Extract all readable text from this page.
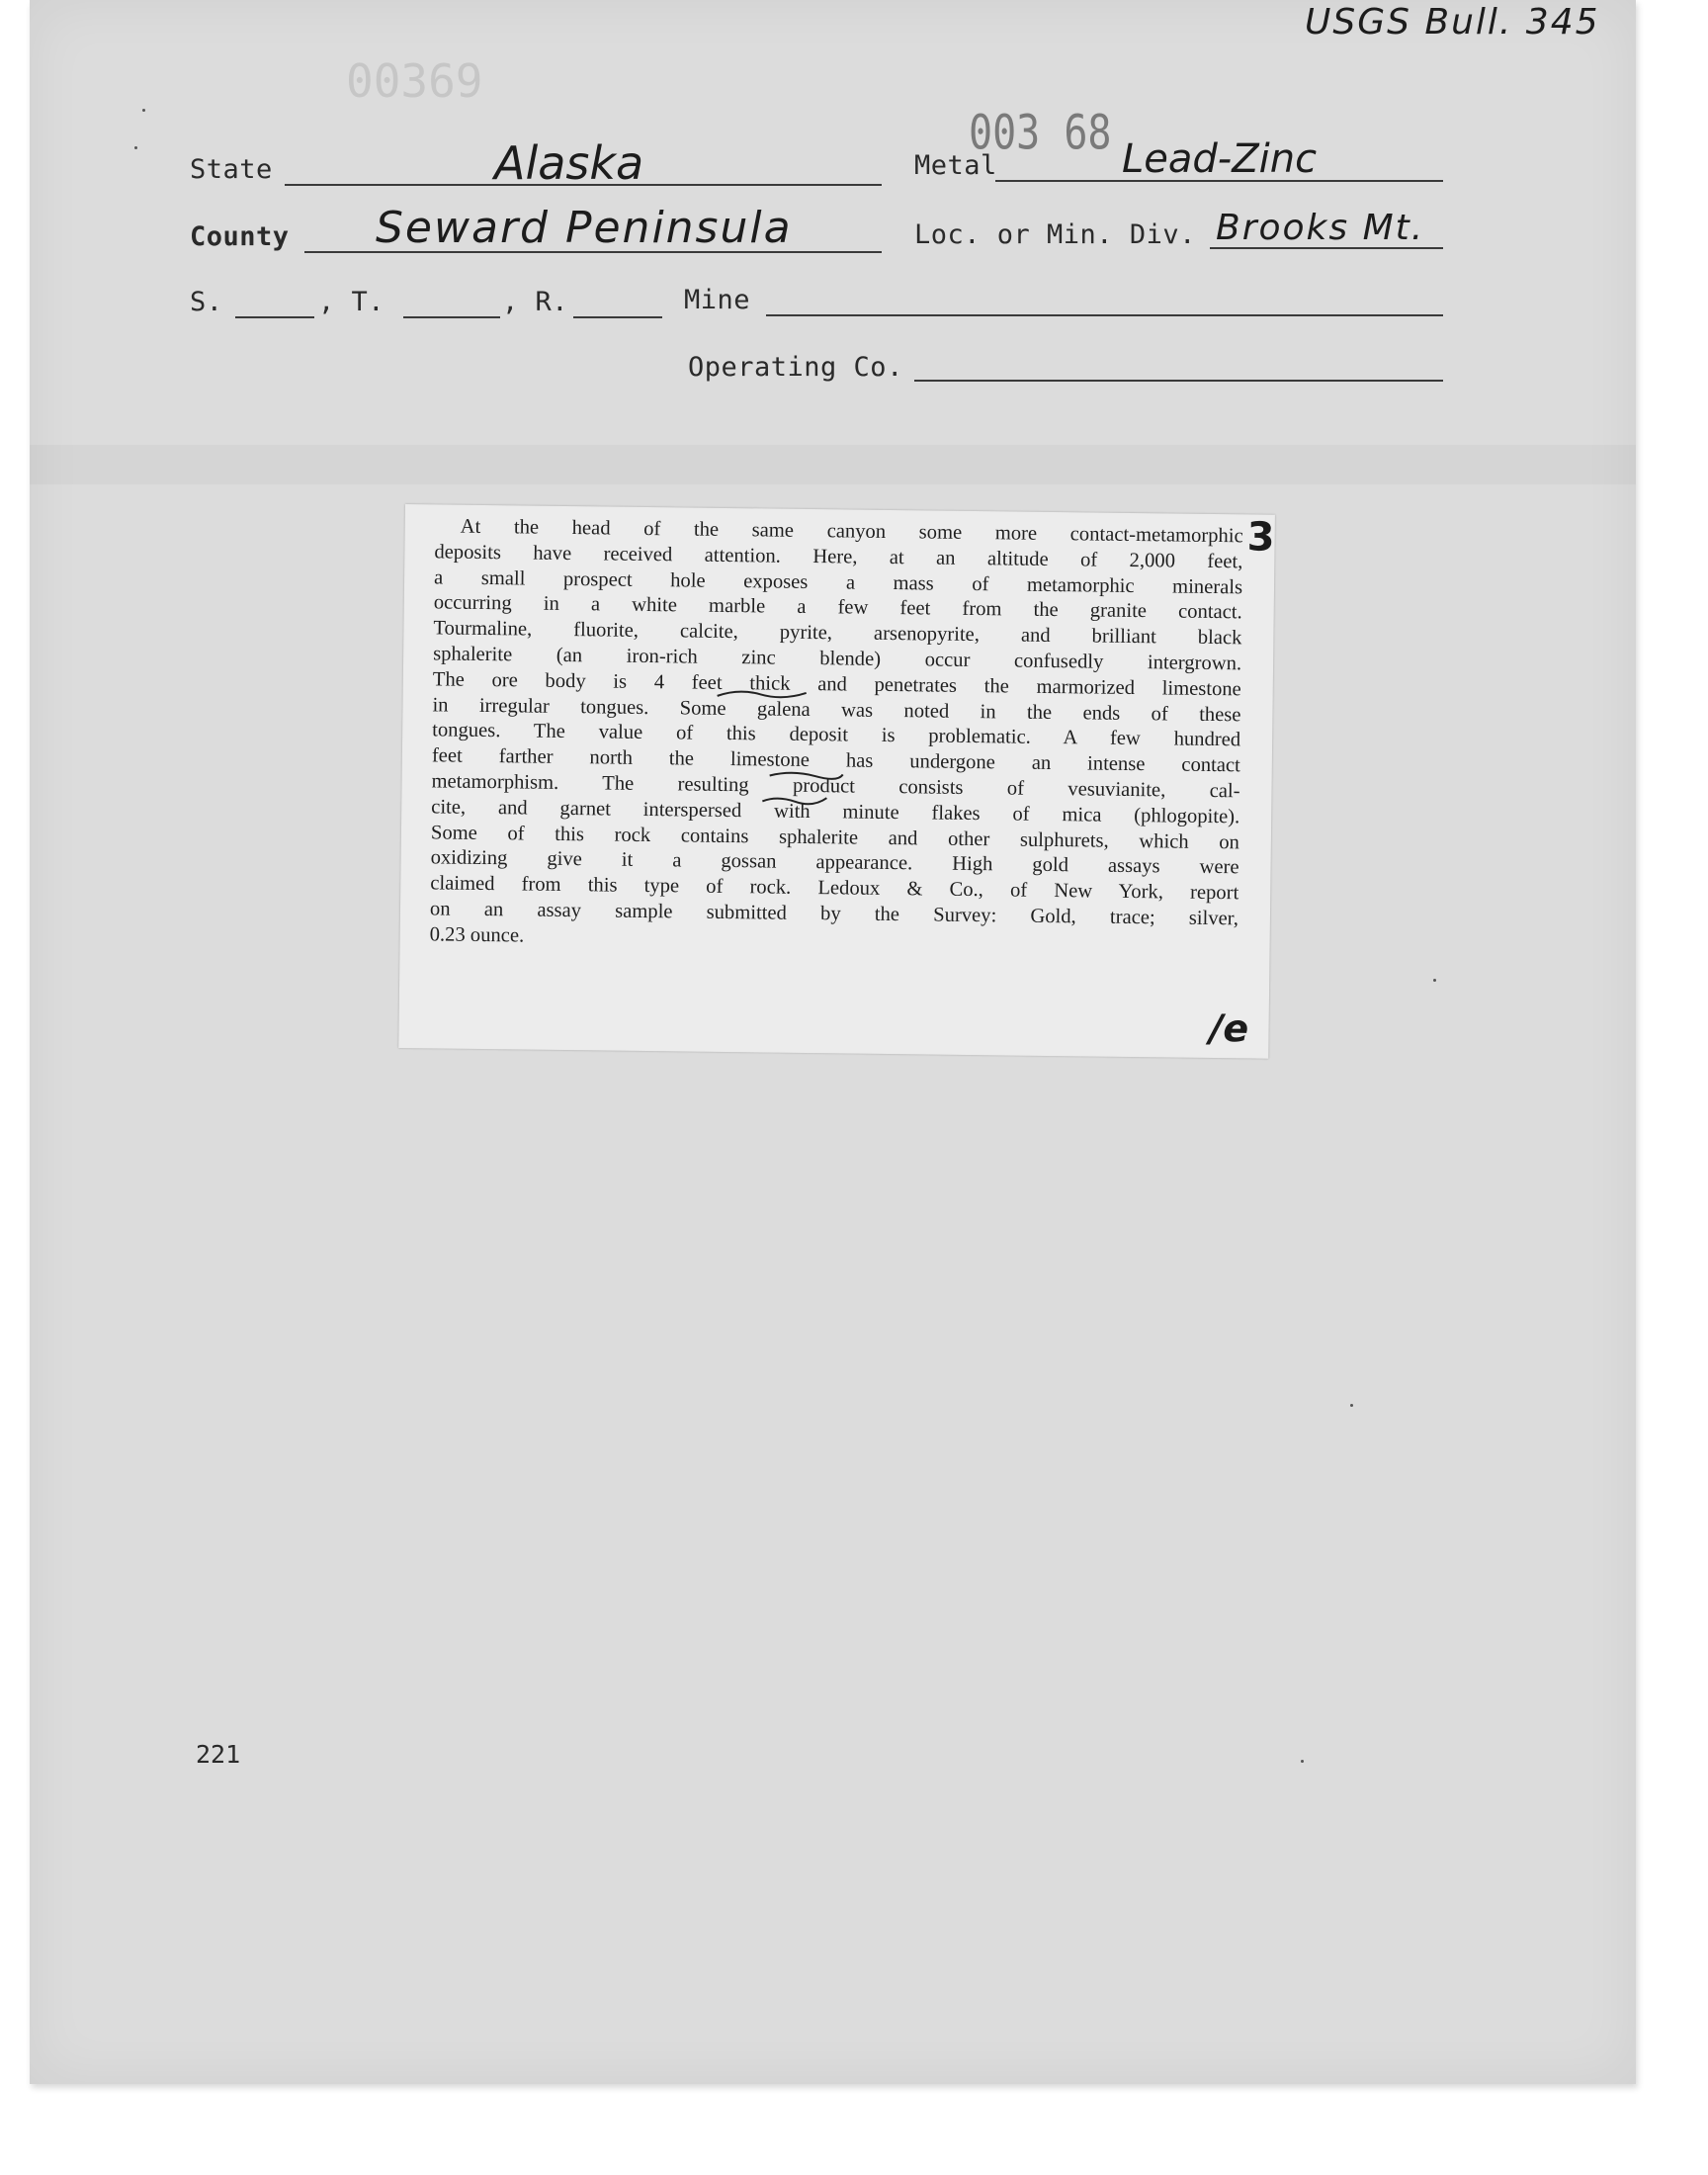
USGS Bull. 345
00369
003 68
State	Alaska	Metal	Lead-Zinc
County Seward Peninsula	Loc. or Min. Div. Brooks Mt.
S.	, T.	, R.	Mine
Operating Co.
221
At the head of the same canyon some more contact-metamorphic
deposits have received attention. Here, at an altitude of 2,000 feet,
a small prospect hole exposes a mass of metamorphic minerals
occurring in a white marble a few feet from the granite contact.
Tourmaline, fluorite, calcite, pyrite, arsenopyrite, and brilliant black
sphalerite (an iron-rich zinc blende) occur confusedly intergrown.
The ore body is 4 feet thick and penetrates the marmorized limestone
in irregular tongues. Some galena was noted in the ends of these
tongues. The value of this deposit is problematic. A few hundred
feet farther north the limestone has undergone an intense contact
metamorphism. The resulting product consists of vesuvianite, cal-
cite, and garnet interspersed with minute flakes of mica (phlogopite).
Some of this rock contains sphalerite and other sulphurets, which on
oxidizing give it a gossan appearance. High gold assays were
claimed from this type of rock. Ledoux & Co., of New York, report
on an assay sample submitted by the Survey: Gold, trace; silver,
0.23 ounce.
3
/e
